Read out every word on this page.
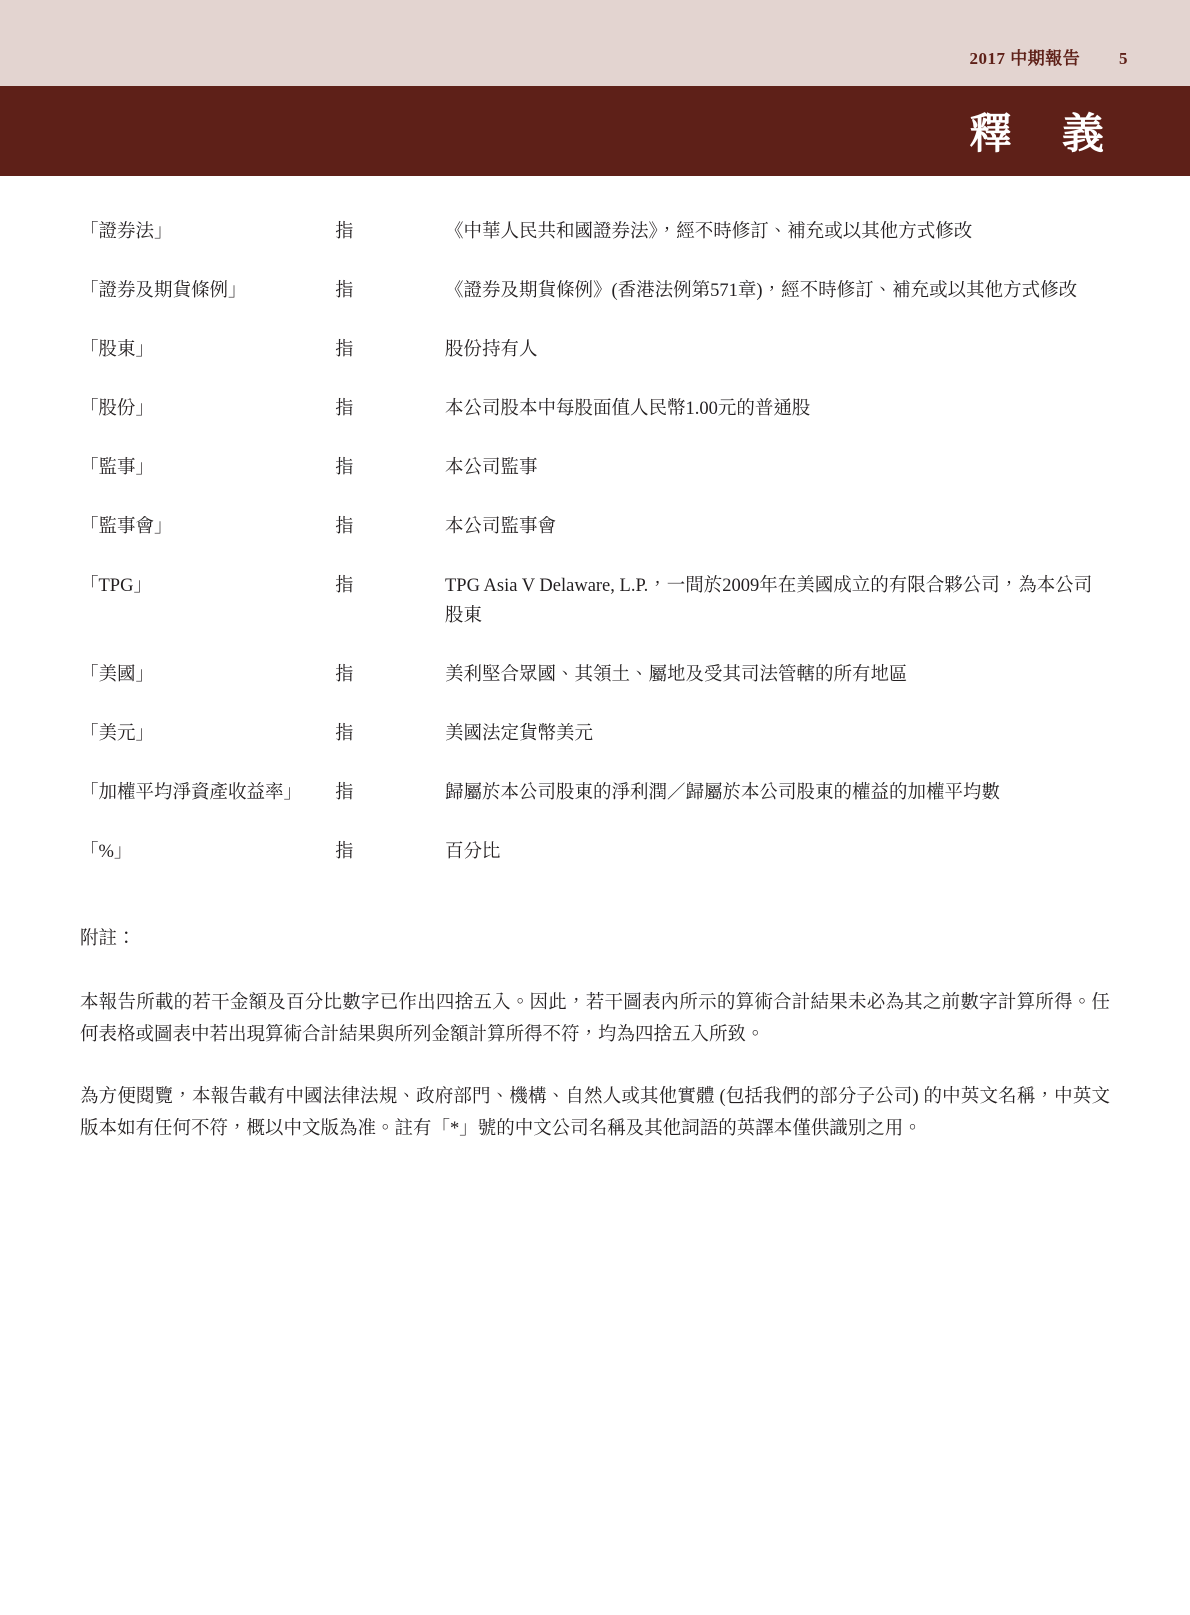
2017 中期報告 5
釋 義
「證券法」	指	《中華人民共和國證券法》，經不時修訂、補充或以其他方式修改
「證券及期貨條例」	指	《證券及期貨條例》(香港法例第571章)，經不時修訂、補充或以其他方式修改
「股東」	指	股份持有人
「股份」	指	本公司股本中每股面值人民幣1.00元的普通股
「監事」	指	本公司監事
「監事會」	指	本公司監事會
「TPG」	指	TPG Asia V Delaware, L.P.，一間於2009年在美國成立的有限合夥公司，為本公司股東
「美國」	指	美利堅合眾國、其領土、屬地及受其司法管轄的所有地區
「美元」	指	美國法定貨幣美元
「加權平均淨資產收益率」	指	歸屬於本公司股東的淨利潤／歸屬於本公司股東的權益的加權平均數
「%」	指	百分比
附註：

本報告所載的若干金額及百分比數字已作出四捨五入。因此，若干圖表內所示的算術合計結果未必為其之前數字計算所得。任何表格或圖表中若出現算術合計結果與所列金額計算所得不符，均為四捨五入所致。

為方便閱覽，本報告載有中國法律法規、政府部門、機構、自然人或其他實體 (包括我們的部分子公司) 的中英文名稱，中英文版本如有任何不符，概以中文版為准。註有「*」號的中文公司名稱及其他詞語的英譯本僅供識別之用。
